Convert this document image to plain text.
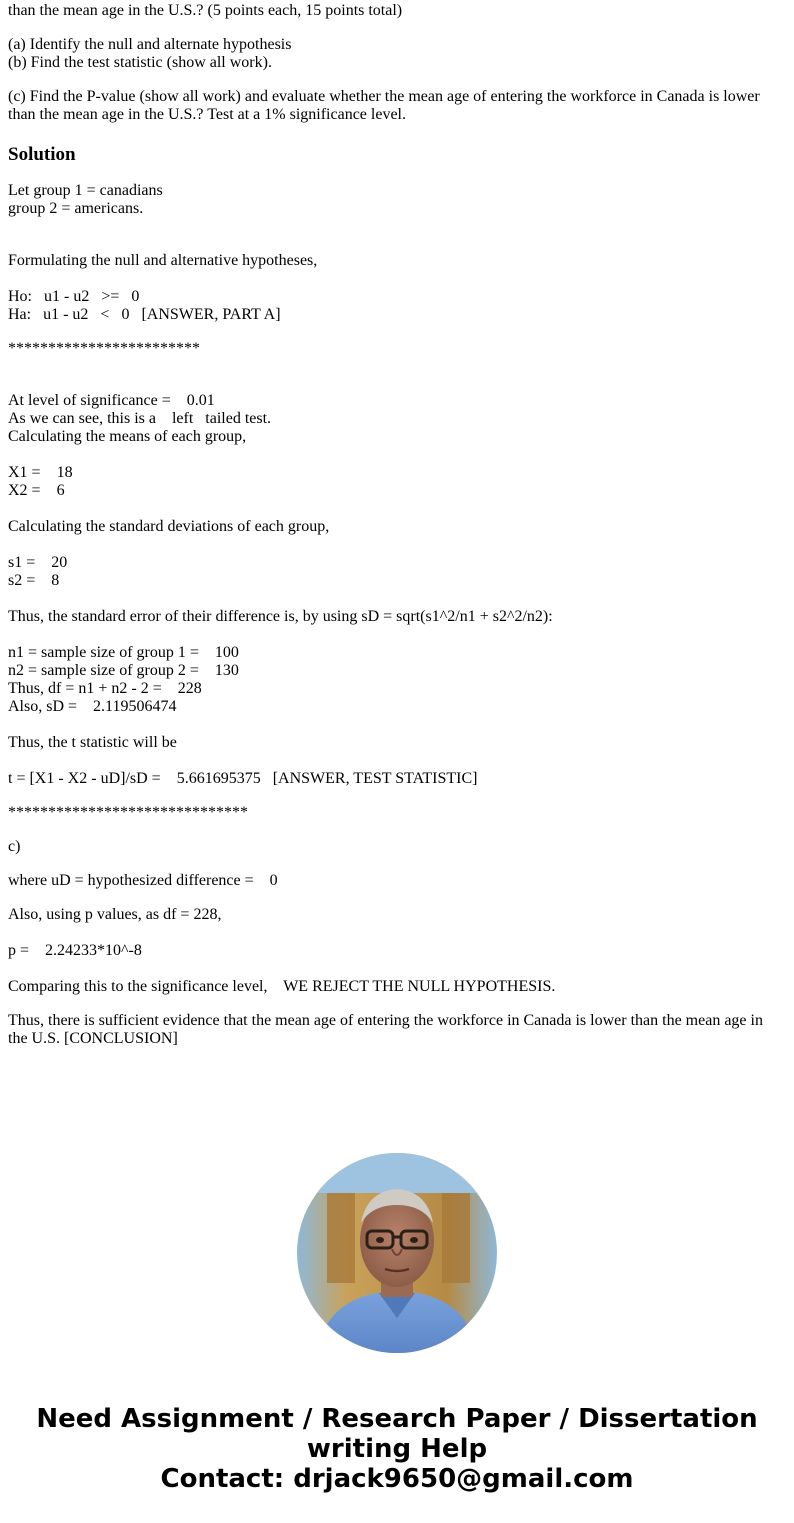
than the mean age in the U.S.? (5 points each, 15 points total)
(a) Identify the null and alternate hypothesis
(b) Find the test statistic (show all work).
(c) Find the P-value (show all work) and evaluate whether the mean age of entering the workforce in Canada is lower than the mean age in the U.S.? Test at a 1% significance level.
Solution
Let group 1 = canadians
group 2 = americans.
Formulating the null and alternative hypotheses,
Ho:   u1 - u2   >=   0
Ha:   u1 - u2   <   0   [ANSWER, PART A]
************************
At level of significance =    0.01
As we can see, this is a    left   tailed test.
Calculating the means of each group,
X1 =    18
X2 =    6
Calculating the standard deviations of each group,
s1 =    20
s2 =    8
Thus, the standard error of their difference is, by using sD = sqrt(s1^2/n1 + s2^2/n2):
n1 = sample size of group 1 =    100
n2 = sample size of group 2 =    130
Thus, df = n1 + n2 - 2 =    228
Also, sD =    2.119506474
Thus, the t statistic will be
t = [X1 - X2 - uD]/sD =    5.661695375   [ANSWER, TEST STATISTIC]
******************************
c)
where uD = hypothesized difference =    0
Also, using p values, as df = 228,
p =    2.24233*10^-8
Comparing this to the significance level,    WE REJECT THE NULL HYPOTHESIS.
Thus, there is sufficient evidence that the mean age of entering the workforce in Canada is lower than the mean age in the U.S. [CONCLUSION]
Need Assignment / Research Paper / Dissertation
writing Help
Contact: drjack9650@gmail.com
